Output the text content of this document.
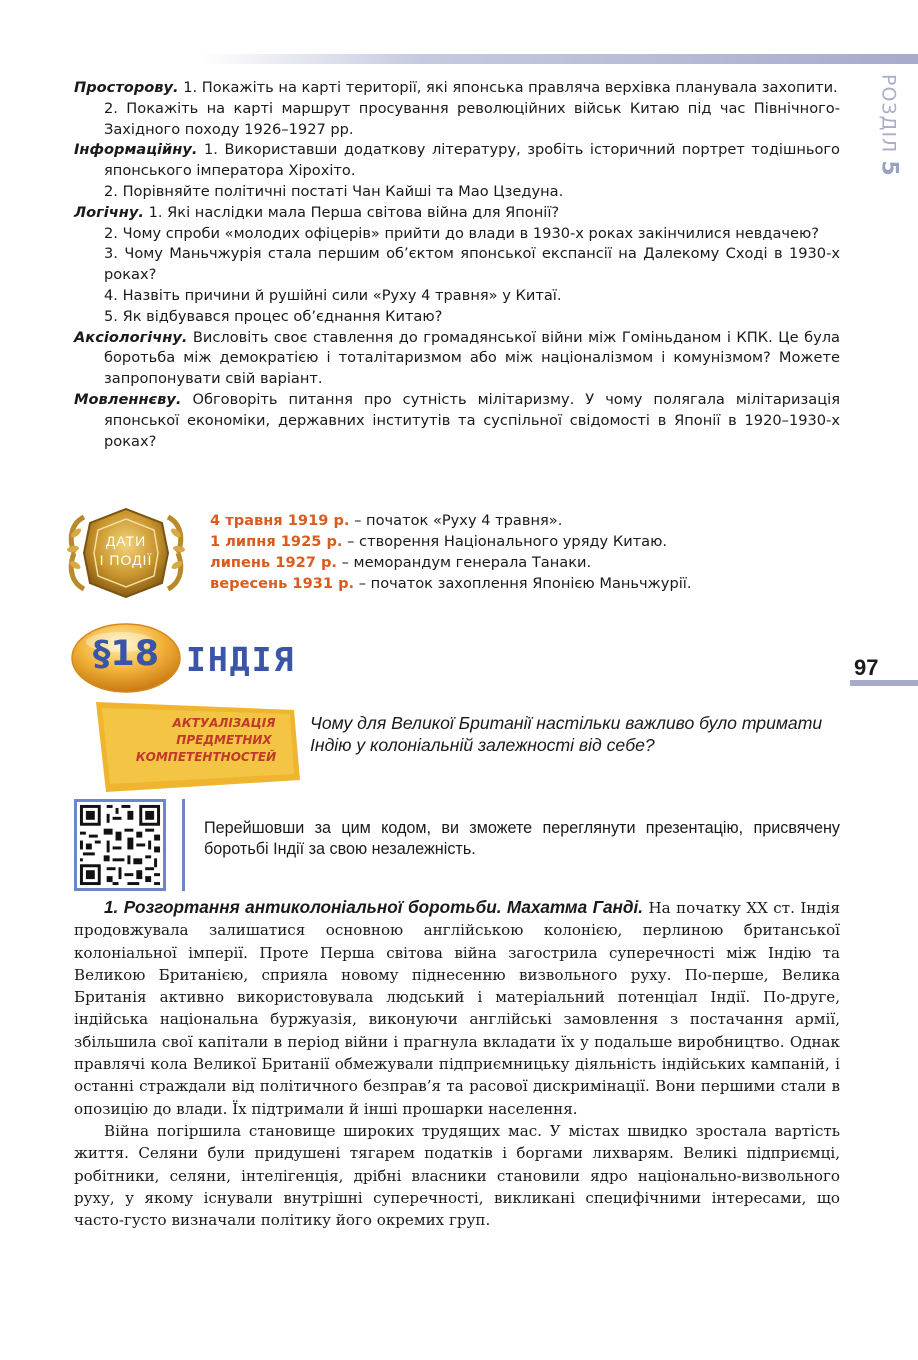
РОЗДІЛ 5
97

Просторову. 1. Покажіть на карті території, які японська правляча верхівка планувала захопити.

2. Покажіть на карті маршрут просування революційних військ Китаю під час Північного-Західного походу 1926–1927 рр.

Інформаційну. 1. Використавши додаткову літературу, зробіть історичний портрет тодішнього японського імператора Хірохіто.

2. Порівняйте політичні постаті Чан Кайші та Мао Цзедуна.

Логічну. 1. Які наслідки мала Перша світова війна для Японії?

2. Чому спроби «молодих офіцерів» прийти до влади в 1930-х роках закінчилися невдачею?

3. Чому Маньчжурія стала першим об’єктом японської експансії на Далекому Сході в 1930-х роках?

4. Назвіть причини й рушійні сили «Руху 4 травня» у Китаї.

5. Як відбувався процес об’єднання Китаю?

Аксіологічну. Висловіть своє ставлення до громадянської війни між Гоміньданом і КПК. Це була боротьба між демократією і тоталітаризмом або між націоналізмом і комунізмом? Можете запропонувати свій варіант.

Мовленнєву. Обговоріть питання про сутність мілітаризму. У чому полягала мілітаризація японської економіки, державних інститутів та суспільної свідомості в Японії в 1920–1930-х роках?

ДАТИ
І ПОДІЇ
4 травня 1919 р. – початок «Руху 4 травня».
1 липня 1925 р. – створення Національного уряду Китаю.
липень 1927 р. – меморандум генерала Танаки.
вересень 1931 р. – початок захоплення Японією Маньчжурії.
§18 ІНДІЯ
АКТУАЛІЗАЦІЯ
ПРЕДМЕТНИХ
КОМПЕТЕНТНОСТЕЙ
Чому для Великої Британії настільки важливо було тримати Індію у колоніальній залежності від себе?
Перейшовши за цим кодом, ви зможете переглянути презентацію, присвячену боротьбі Індії за свою незалежність.

1. Розгортання антиколоніальної боротьби. Махатма Ганді. На початку XX ст. Індія продовжувала залишатися основною англійською колонією, перлиною британської колоніальної імперії. Проте Перша світова війна загострила суперечності між Індію та Великою Британією, сприяла новому піднесенню визвольного руху. По-перше, Велика Британія активно використовувала людський і матеріальний потенціал Індії. По-друге, індійська національна буржуазія, виконуючи англійські замовлення з постачання армії, збільшила свої капітали в період війни і прагнула вкладати їх у подальше виробництво. Однак правлячі кола Великої Британії обмежували підприємницьку діяльність індійських кампаній, і останні страждали від політичного безправ’я та расової дискримінації. Вони першими стали в опозицію до влади. Їх підтримали й інші прошарки населення.

Війна погіршила становище широких трудящих мас. У містах швидко зростала вартість життя. Селяни були придушені тягарем податків і боргами лихварям. Великі підприємці, робітники, селяни, інтелігенція, дрібні власники становили ядро національно-визвольного руху, у якому існували внутрішні суперечності, викликані специфічними інтересами, що часто-густо визначали політику його окремих груп.
